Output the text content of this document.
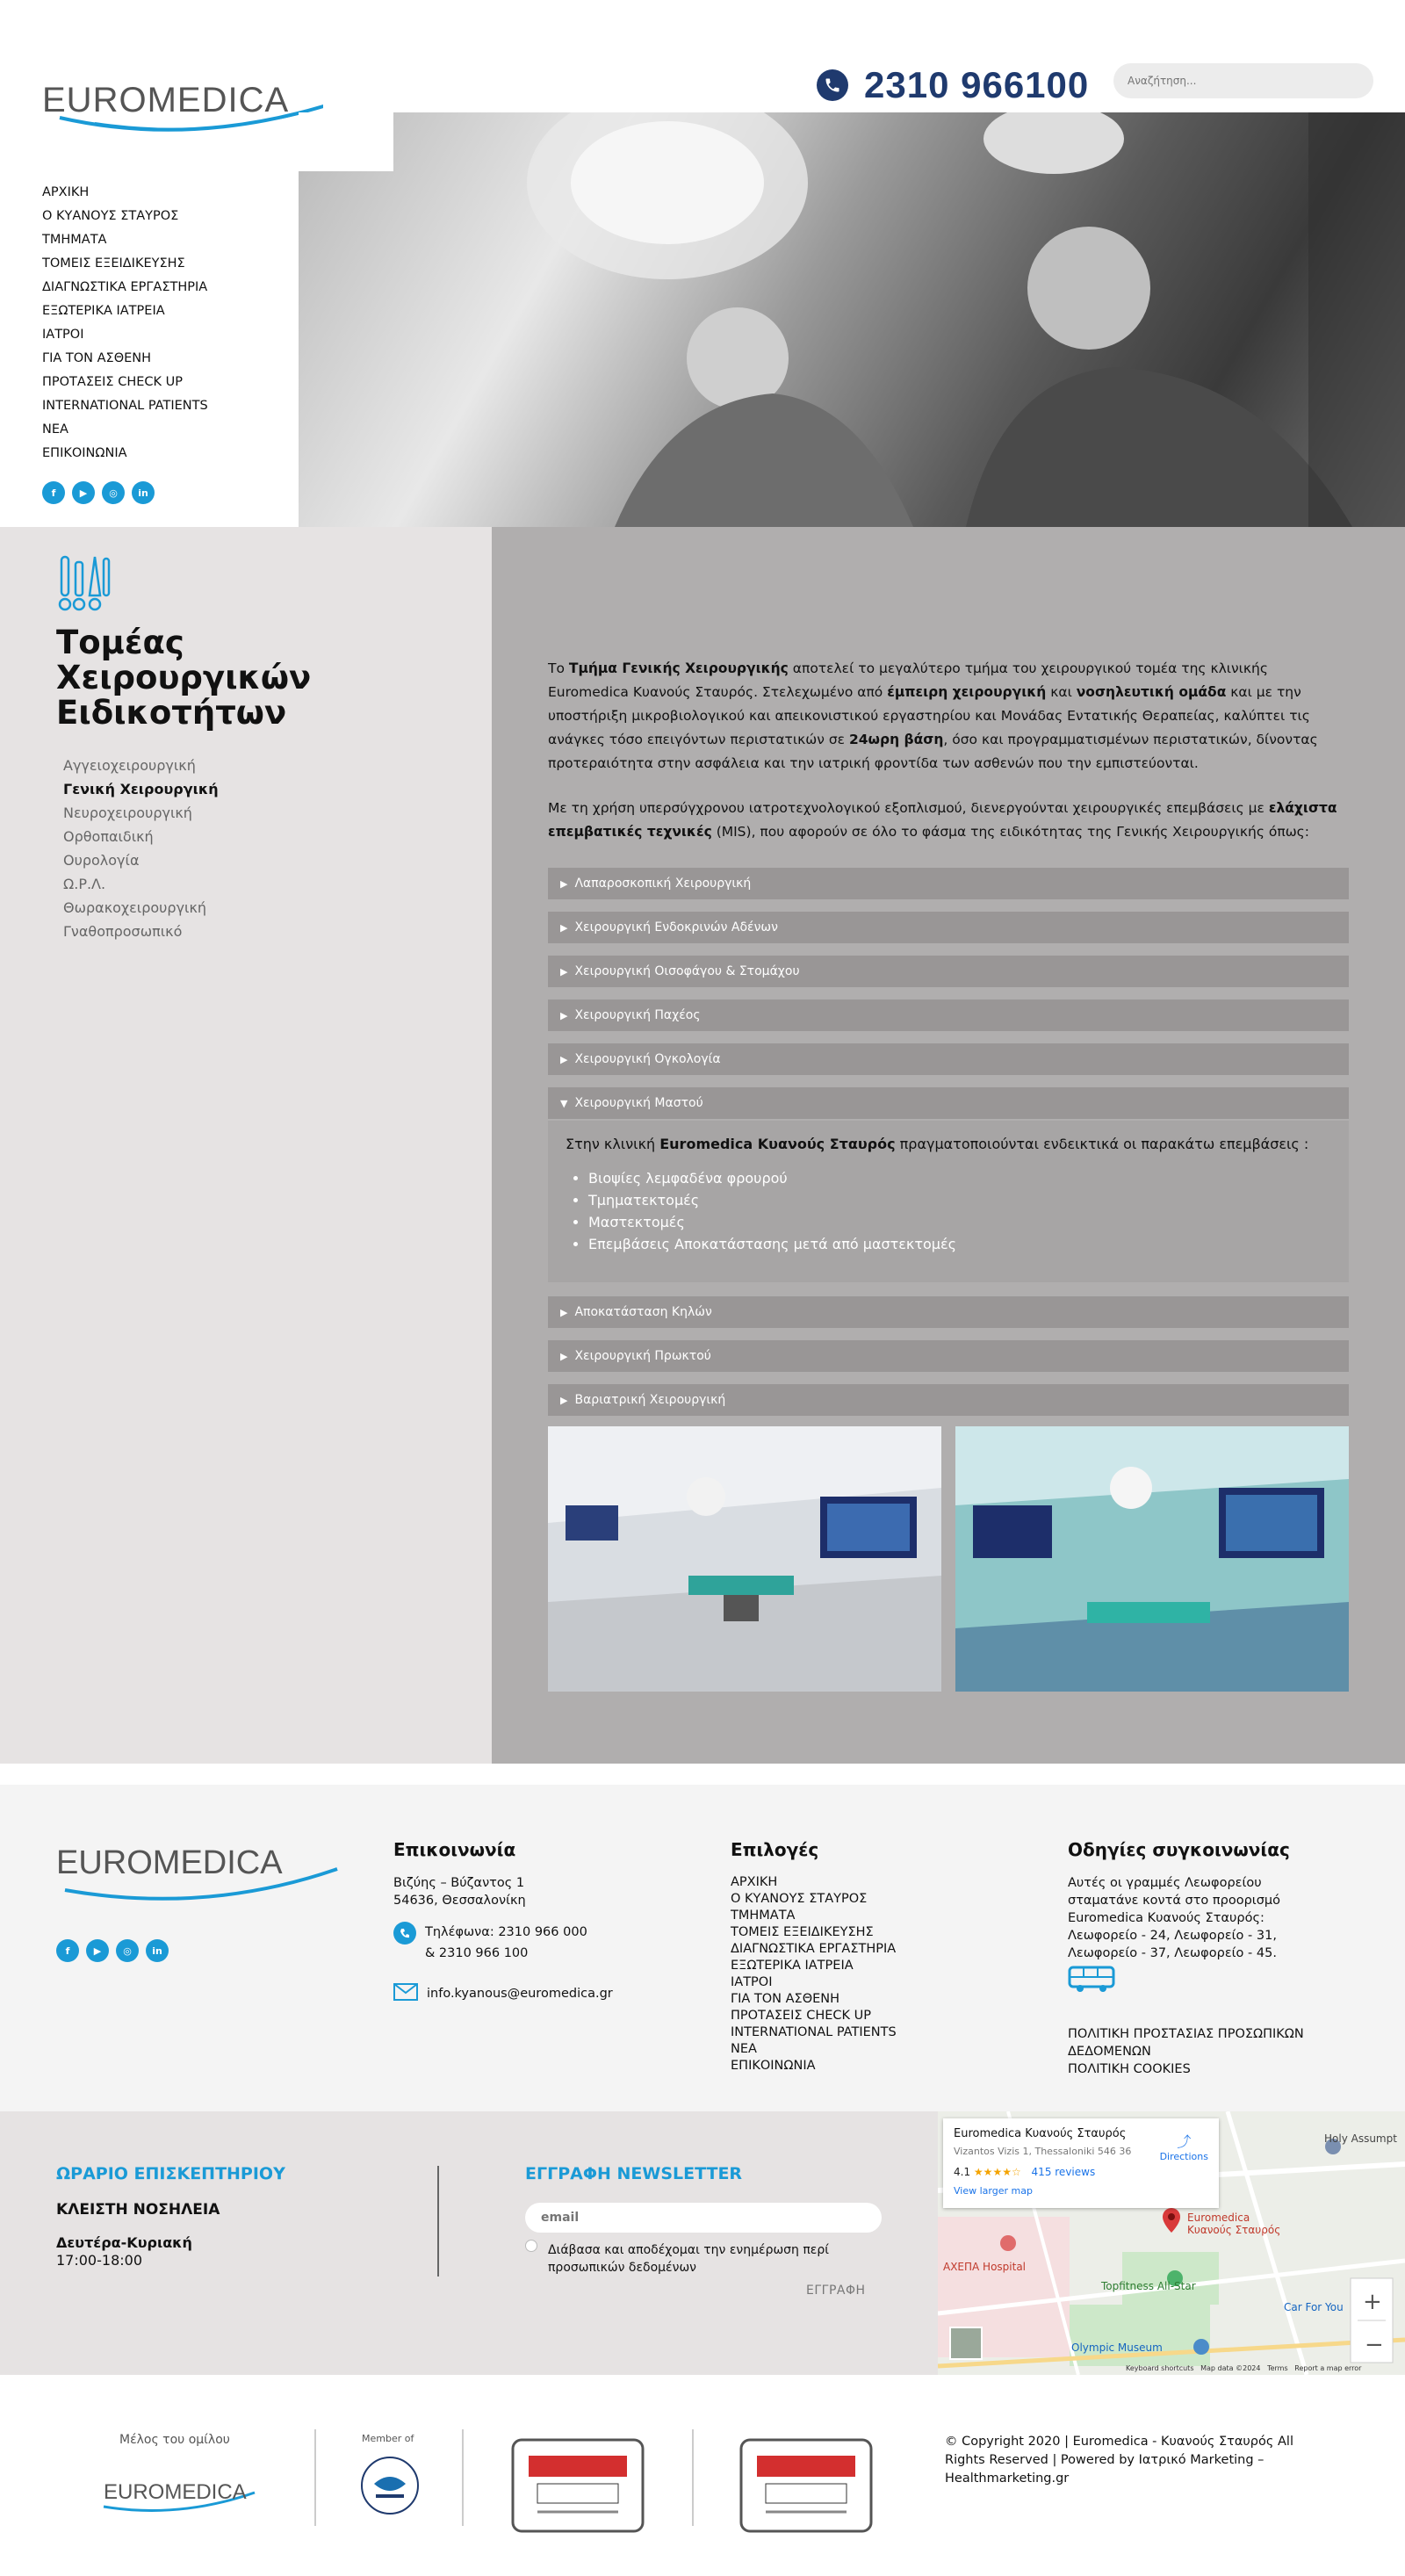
EUROMEDICA	2310 966100
Αναζήτηση...
ΑΡΧΙΚΗ
Ο ΚΥΑΝΟΥΣ ΣΤΑΥΡΟΣ
ΤΜΗΜΑΤΑ
ΤΟΜΕΙΣ ΕΞΕΙΔΙΚΕΥΣΗΣ
ΔΙΑΓΝΩΣΤΙΚΑ ΕΡΓΑΣΤΗΡΙΑ
ΕΞΩΤΕΡΙΚΑ ΙΑΤΡΕΙΑ
ΙΑΤΡΟΙ
ΓΙΑ ΤΟΝ ΑΣΘΕΝΗ
ΠΡΟΤΑΣΕΙΣ CHECK UP
INTERNATIONAL PATIENTS
ΝΕΑ
ΕΠΙΚΟΙΝΩΝΙΑ
f	▶	◎	in
Τομέας Χειρουργικών Ειδικοτήτων
Αγγειοχειρουργική
Γενική Χειρουργική
Νευροχειρουργική
Ορθοπαιδική
Ουρολογία
Ω.Ρ.Λ.
Θωρακοχειρουργική
Γναθοπροσωπικό

Το Τμήμα Γενικής Χειρουργικής αποτελεί το μεγαλύτερο τμήμα του χειρουργικού τομέα της κλινικής Euromedica Κυανούς Σταυρός. Στελεχωμένο από έμπειρη χειρουργική και νοσηλευτική ομάδα και με την υποστήριξη μικροβιολογικού και απεικονιστικού εργαστηρίου και Μονάδας Εντατικής Θεραπείας, καλύπτει τις ανάγκες τόσο επειγόντων περιστατικών σε 24ωρη βάση, όσο και προγραμματισμένων περιστατικών, δίνοντας προτεραιότητα στην ασφάλεια και την ιατρική φροντίδα των ασθενών που την εμπιστεύονται.

Με τη χρήση υπερσύγχρονου ιατροτεχνολογικού εξοπλισμού, διενεργούνται χειρουργικές επεμβάσεις με ελάχιστα επεμβατικές τεχνικές (MIS), που αφορούν σε όλο το φάσμα της ειδικότητας της Γενικής Χειρουργικής όπως:

▶ Λαπαροσκοπική Χειρουργική
▶ Χειρουργική Ενδοκρινών Αδένων
▶ Χειρουργική Οισοφάγου & Στομάχου
▶ Χειρουργική Παχέος
▶ Χειρουργική Ογκολογία
▼ Χειρουργική Μαστού

Στην κλινική Euromedica Κυανούς Σταυρός πραγματοποιούνται ενδεικτικά οι παρακάτω επεμβάσεις :

• Βιοψίες λεμφαδένα φρουρού
• Τμηματεκτομές
• Μαστεκτομές
• Επεμβάσεις Αποκατάστασης μετά από μαστεκτομές
▶ Αποκατάσταση Κηλών
▶ Χειρουργική Πρωκτού
▶ Βαριατρική Χειρουργική
EUROMEDICA
f	▶	◎	in
Επικοινωνία
Βιζύης – Βύζαντος 1
54636, Θεσσαλονίκη
Τηλέφωνα: 2310 966 000
& 2310 966 100
info.kyanous@euromedica.gr
Επιλογές
ΑΡΧΙΚΗ
Ο ΚΥΑΝΟΥΣ ΣΤΑΥΡΟΣ
ΤΜΗΜΑΤΑ
ΤΟΜΕΙΣ ΕΞΕΙΔΙΚΕΥΣΗΣ
ΔΙΑΓΝΩΣΤΙΚΑ ΕΡΓΑΣΤΗΡΙΑ
ΕΞΩΤΕΡΙΚΑ ΙΑΤΡΕΙΑ
ΙΑΤΡΟΙ
ΓΙΑ ΤΟΝ ΑΣΘΕΝΗ
ΠΡΟΤΑΣΕΙΣ CHECK UP
INTERNATIONAL PATIENTS
ΝΕΑ
ΕΠΙΚΟΙΝΩΝΙΑ
Οδηγίες συγκοινωνίας
Αυτές οι γραμμές Λεωφορείου σταματάνε κοντά στο προορισμό Euromedica Κυανούς Σταυρός: Λεωφορείο - 24, Λεωφορείο - 31, Λεωφορείο - 37, Λεωφορείο - 45.
ΠΟΛΙΤΙΚΗ ΠΡΟΣΤΑΣΙΑΣ ΠΡΟΣΩΠΙΚΩΝ ΔΕΔΟΜΕΝΩΝ
ΠΟΛΙΤΙΚΗ COOKIES
ΩΡΑΡΙΟ ΕΠΙΣΚΕΠΤΗΡΙΟΥ
ΚΛΕΙΣΤΗ ΝΟΣΗΛΕΙΑ
Δευτέρα-Κυριακή
17:00-18:00
ΕΓΓΡΑΦΗ NEWSLETTER
email
Διάβασα και αποδέχομαι την ενημέρωση περί προσωπικών δεδομένων
ΕΓΓΡΑΦΗ	+
−
Euromedica Κυανούς Σταυρός
ΑΧΕΠΑ Hospital
Topfitness All-Star
Car For You
Holy Assumpt
Olympic Museum
Keyboard shortcuts   Map data ©2024   Terms   Report a map error
Euromedica Κυανούς Σταυρός
Vizantos Vizis 1, Thessaloniki 546 36
4.1 ★★★★☆ 415 reviews
View larger map
⤴
Directions
Μέλος του ομίλου
EUROMEDICA
Member of	© Copyright 2020 | Euromedica - Κυανούς Σταυρός All Rights Reserved | Powered by Ιατρικό Marketing – Healthmarketing.gr
